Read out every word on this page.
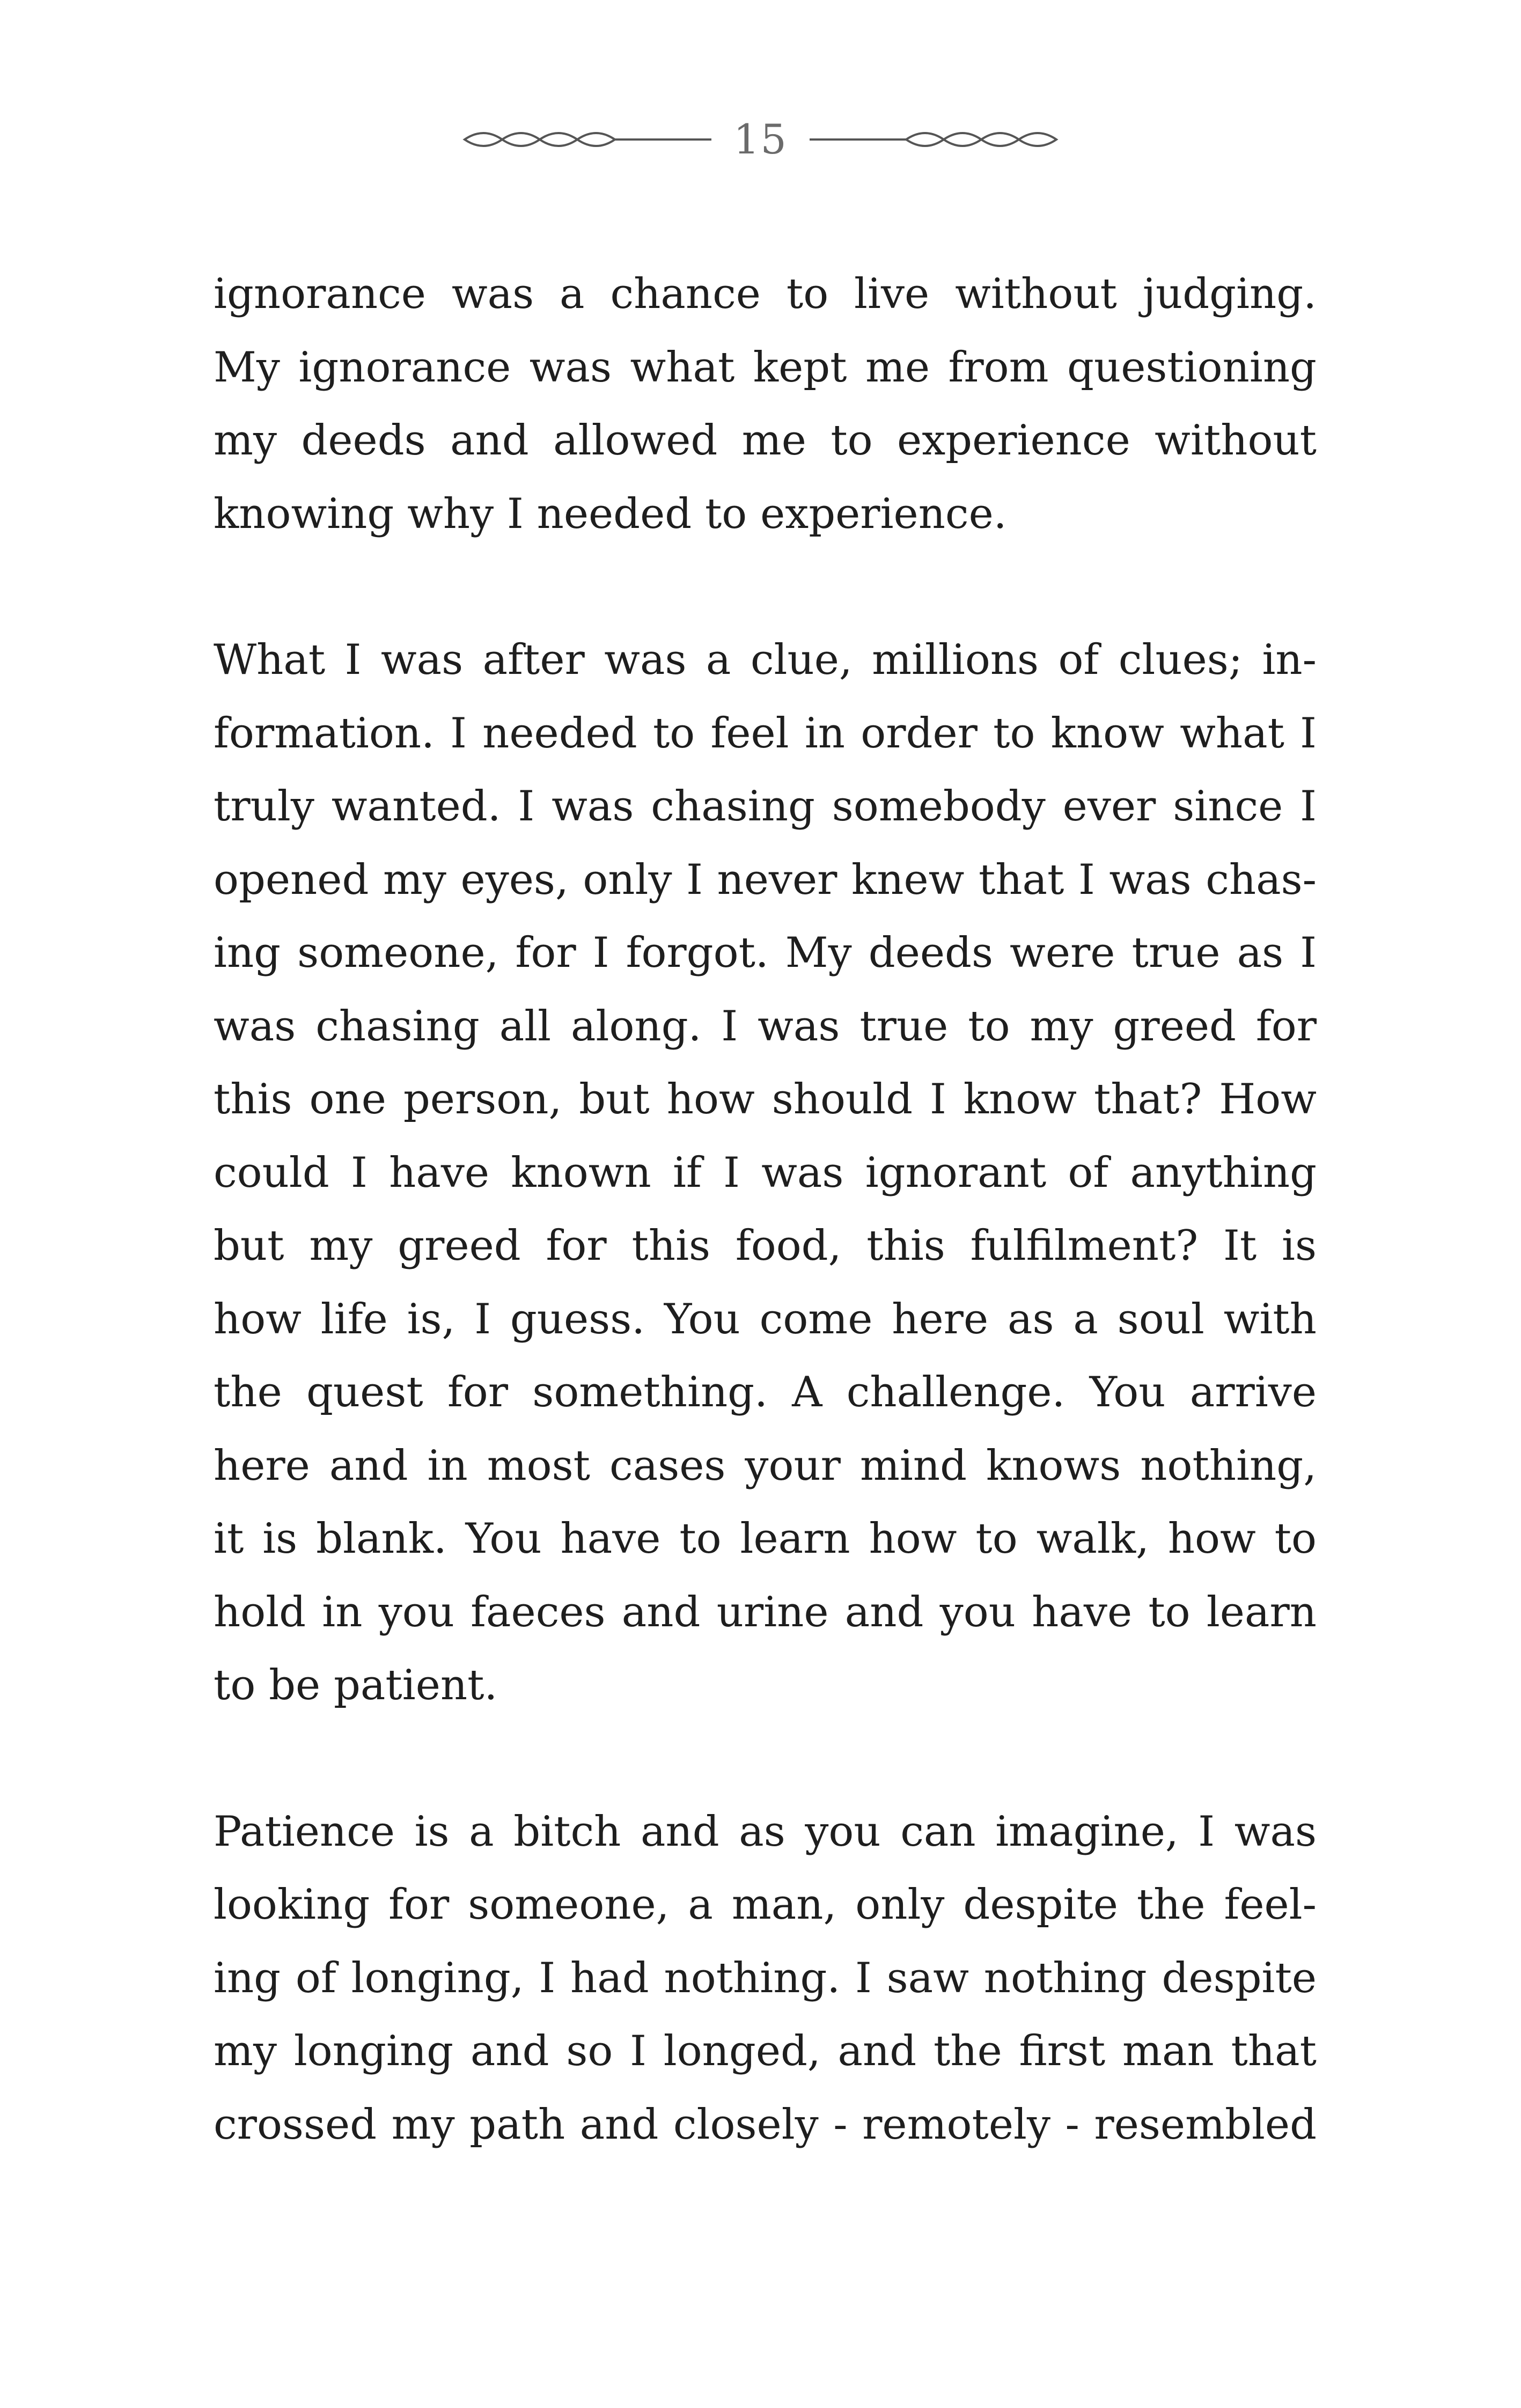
15

ignorance was a chance to live without judging.
My ignorance was what kept me from questioning
my deeds and allowed me to experience without
knowing why I needed to experience.

What I was after was a clue, millions of clues; in-
formation. I needed to feel in order to know what I
truly wanted. I was chasing somebody ever since I
opened my eyes, only I never knew that I was chas-
ing someone, for I forgot. My deeds were true as I
was chasing all along. I was true to my greed for
this one person, but how should I know that? How
could I have known if I was ignorant of anything
but my greed for this food, this fulfilment? It is
how life is, I guess. You come here as a soul with
the quest for something. A challenge. You arrive
here and in most cases your mind knows nothing,
it is blank. You have to learn how to walk, how to
hold in you faeces and urine and you have to learn
to be patient.

Patience is a bitch and as you can imagine, I was
looking for someone, a man, only despite the feel-
ing of longing, I had nothing. I saw nothing despite
my longing and so I longed, and the first man that
crossed my path and closely - remotely - resembled
